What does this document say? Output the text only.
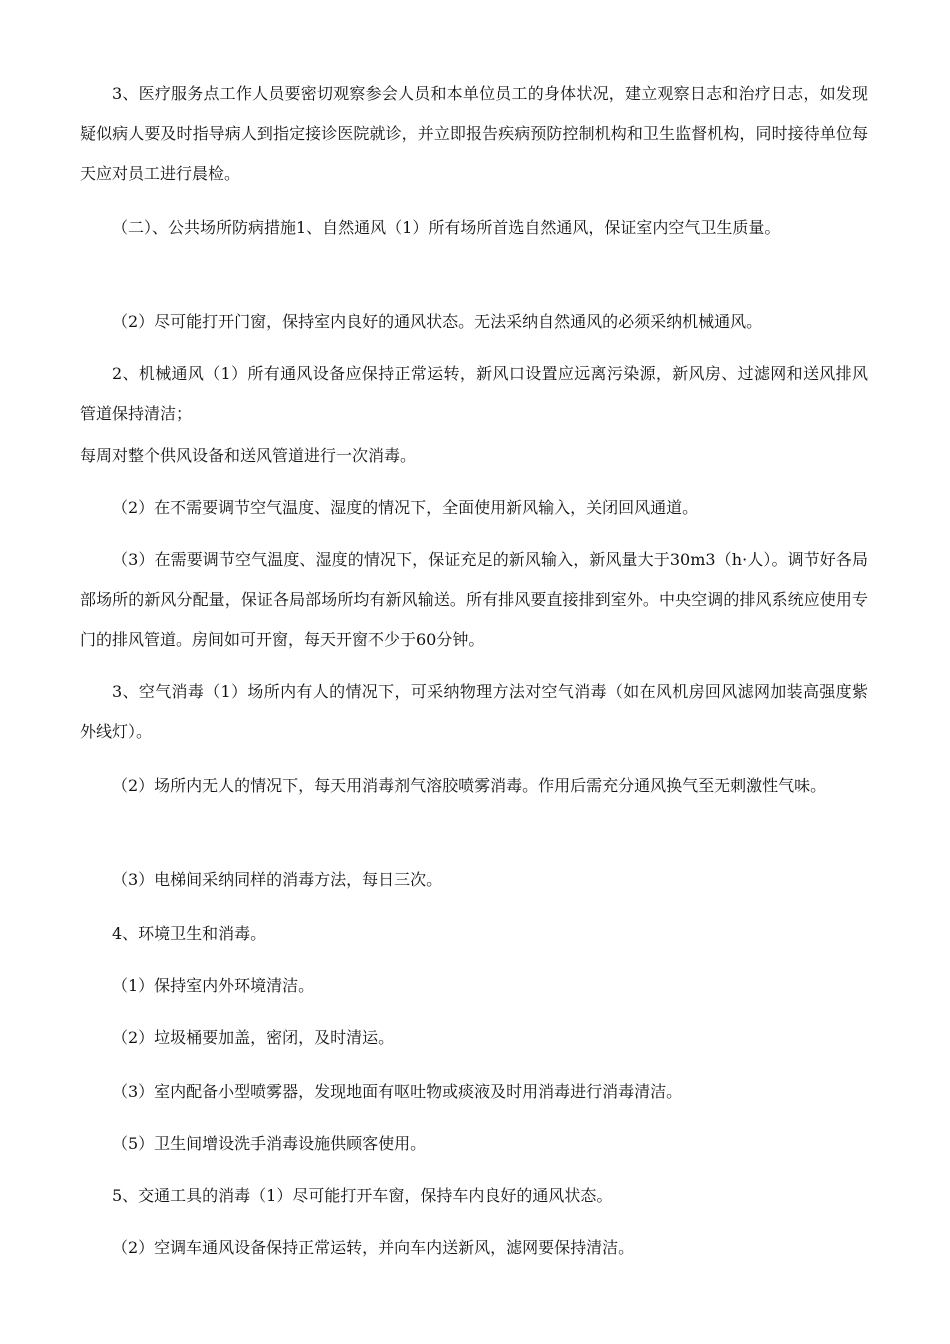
3、医疗服务点工作人员要密切观察参会人员和本单位员工的身体状况，建立观察日志和治疗日志，如发现疑似病人要及时指导病人到指定接诊医院就诊，并立即报告疾病预防控制机构和卫生监督机构，同时接待单位每天应对员工进行晨检。

（二）、公共场所防病措施1、自然通风（1）所有场所首选自然通风，保证室内空气卫生质量。

（2）尽可能打开门窗，保持室内良好的通风状态。无法采纳自然通风的必须采纳机械通风。

2、机械通风（1）所有通风设备应保持正常运转，新风口设置应远离污染源，新风房、过滤网和送风排风管道保持清洁；

每周对整个供风设备和送风管道进行一次消毒。

（2）在不需要调节空气温度、湿度的情况下，全面使用新风输入，关闭回风通道。

（3）在需要调节空气温度、湿度的情况下，保证充足的新风输入，新风量大于30m3（h·人）。调节好各局部场所的新风分配量，保证各局部场所均有新风输送。所有排风要直接排到室外。中央空调的排风系统应使用专门的排风管道。房间如可开窗，每天开窗不少于60分钟。

3、空气消毒（1）场所内有人的情况下，可采纳物理方法对空气消毒（如在风机房回风滤网加装高强度紫外线灯）。

（2）场所内无人的情况下，每天用消毒剂气溶胶喷雾消毒。作用后需充分通风换气至无刺激性气味。

（3）电梯间采纳同样的消毒方法，每日三次。

4、环境卫生和消毒。

（1）保持室内外环境清洁。

（2）垃圾桶要加盖，密闭，及时清运。

（3）室内配备小型喷雾器，发现地面有呕吐物或痰液及时用消毒进行消毒清洁。

（5）卫生间增设洗手消毒设施供顾客使用。

5、交通工具的消毒（1）尽可能打开车窗，保持车内良好的通风状态。

（2）空调车通风设备保持正常运转，并向车内送新风，滤网要保持清洁。
